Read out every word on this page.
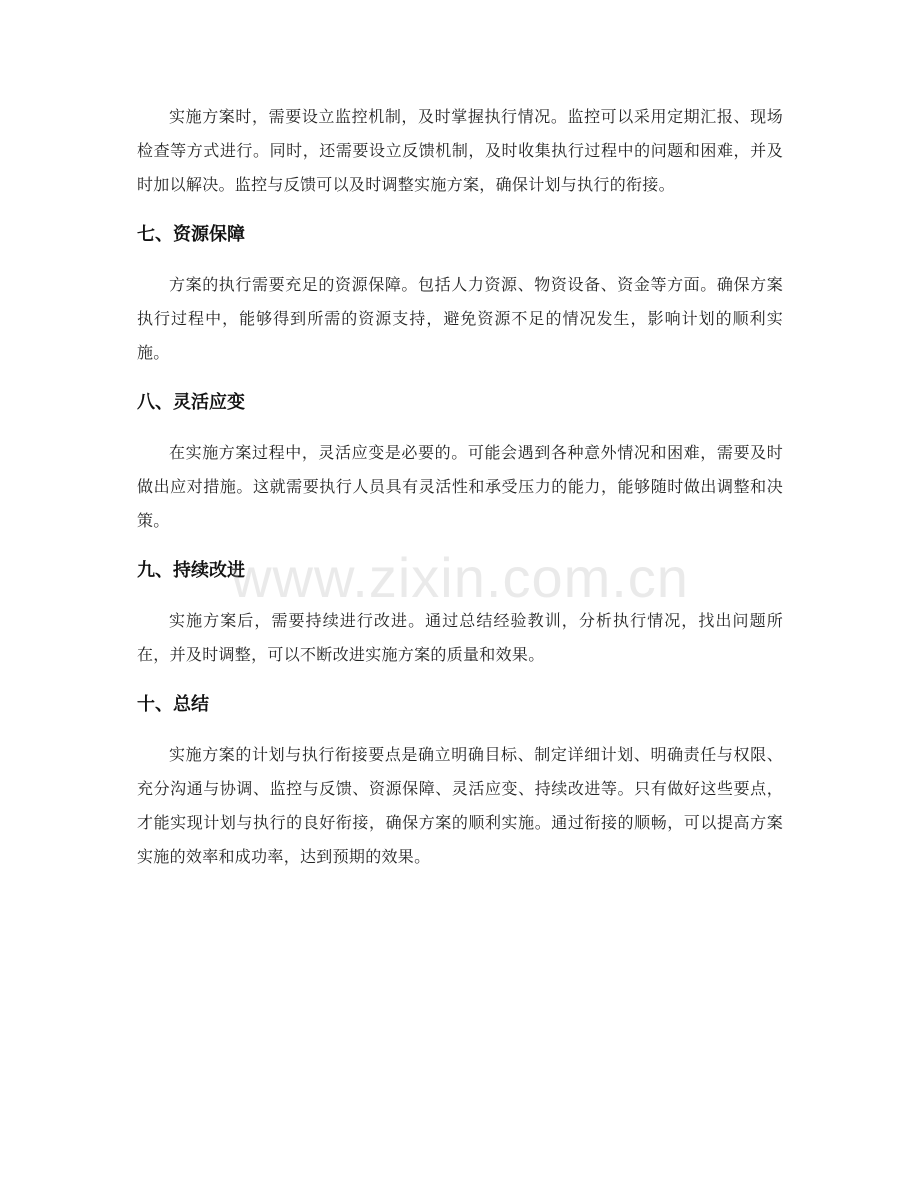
实施方案时，需要设立监控机制，及时掌握执行情况。监控可以采用定期汇报、现场检查等方式进行。同时，还需要设立反馈机制，及时收集执行过程中的问题和困难，并及时加以解决。监控与反馈可以及时调整实施方案，确保计划与执行的衔接。

七、资源保障

方案的执行需要充足的资源保障。包括人力资源、物资设备、资金等方面。确保方案执行过程中，能够得到所需的资源支持，避免资源不足的情况发生，影响计划的顺利实施。

八、灵活应变

在实施方案过程中，灵活应变是必要的。可能会遇到各种意外情况和困难，需要及时做出应对措施。这就需要执行人员具有灵活性和承受压力的能力，能够随时做出调整和决策。

九、持续改进

实施方案后，需要持续进行改进。通过总结经验教训，分析执行情况，找出问题所在，并及时调整，可以不断改进实施方案的质量和效果。

十、总结

实施方案的计划与执行衔接要点是确立明确目标、制定详细计划、明确责任与权限、充分沟通与协调、监控与反馈、资源保障、灵活应变、持续改进等。只有做好这些要点，才能实现计划与执行的良好衔接，确保方案的顺利实施。通过衔接的顺畅，可以提高方案实施的效率和成功率，达到预期的效果。

www.zixin.com.cn
